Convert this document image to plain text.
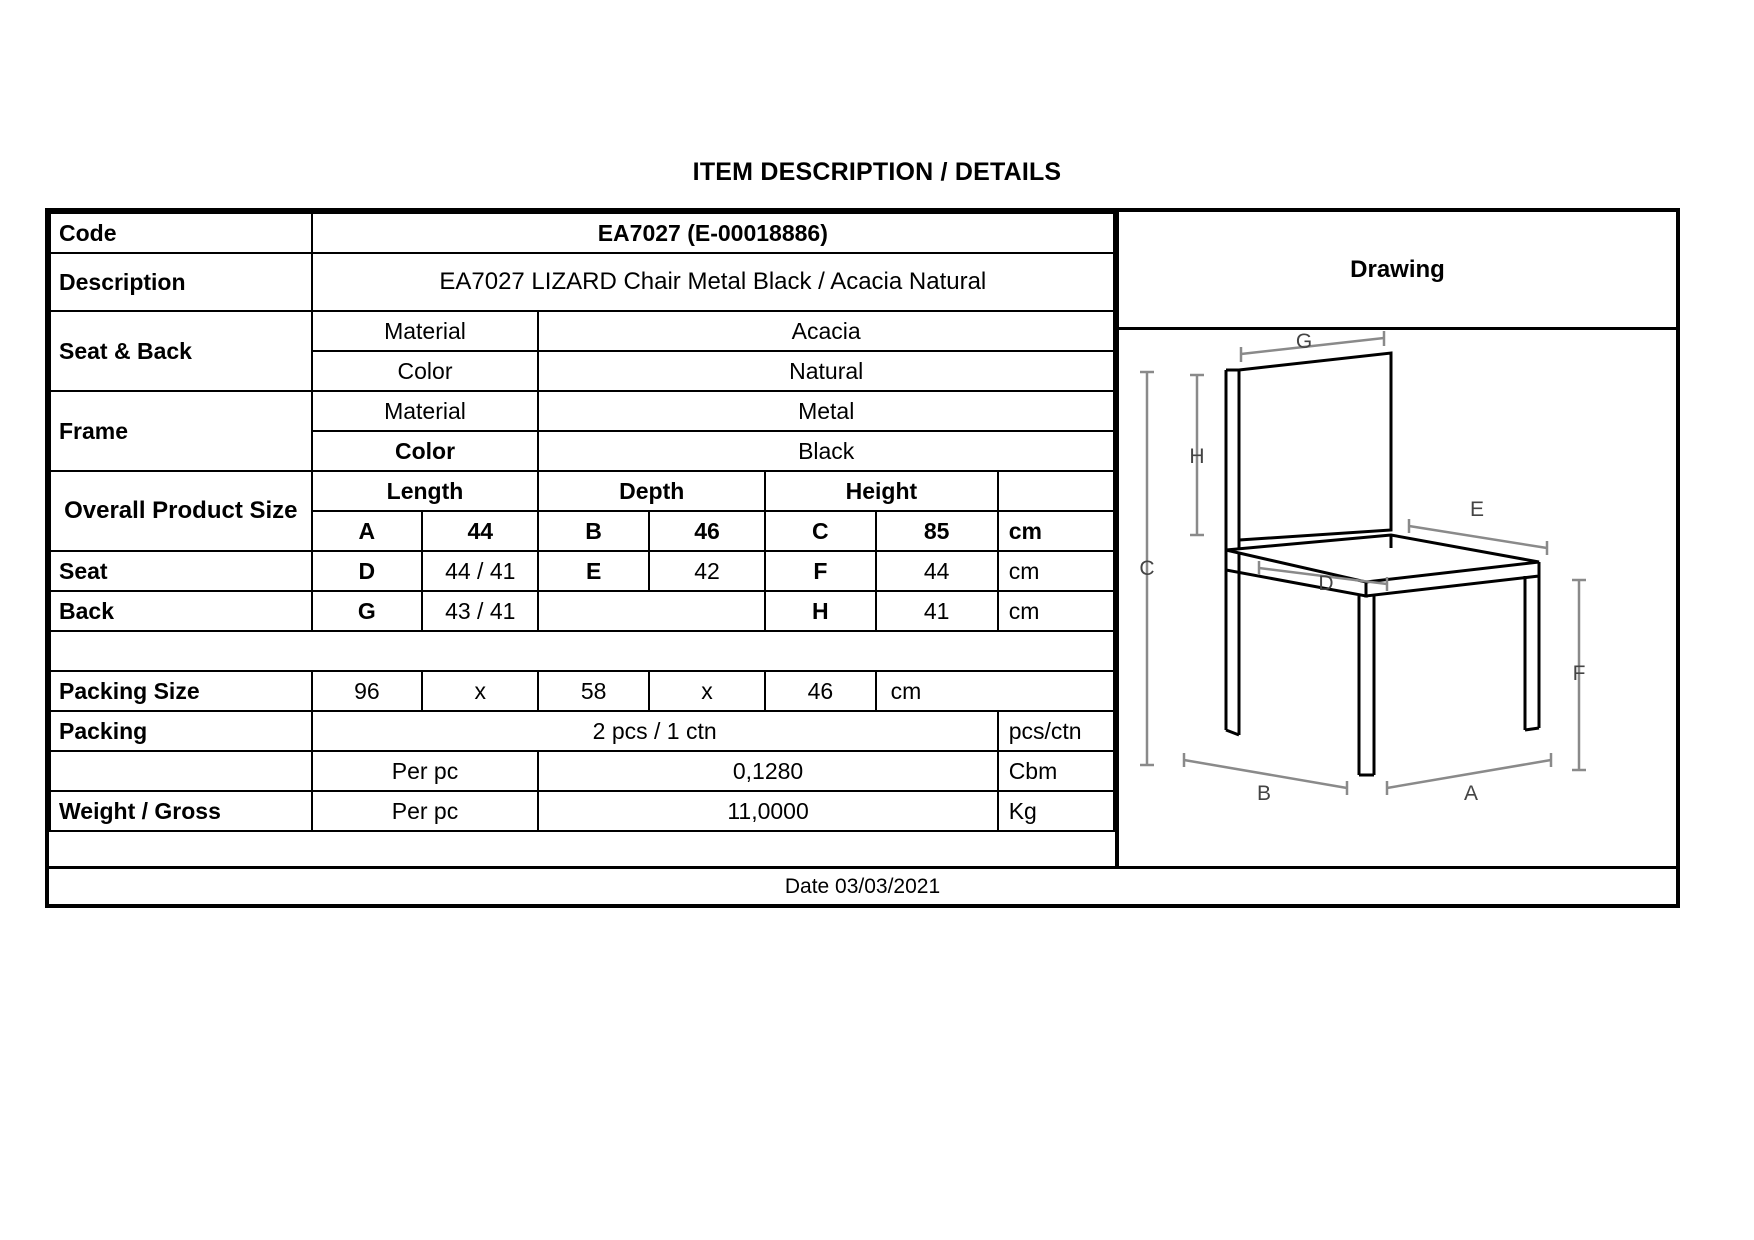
ITEM DESCRIPTION / DETAILS
Code	EA7027 (E-00018886)						
Description	EA7027 LIZARD Chair Metal Black / Acacia Natural						
Seat & Back	Material		Acacia				
	Color		Natural				
Frame	Material		Metal				
	Color		Black				
Overall Product Size	Length		Depth		Height		
	A	44	B	46	C	85	cm
Seat	D	44 / 41	E	42	F	44	cm
Back	G	43 / 41			H	41	cm

Packing Size	96	x	58	x	46	cm	
Packing	2 pcs / 1 ctn						pcs/ctn
	Per pc		0,1280				Cbm
Weight / Gross	Per pc		11,0000				Kg
Drawing
G
H
C
E
D
F
B	A
Date 03/03/2021
